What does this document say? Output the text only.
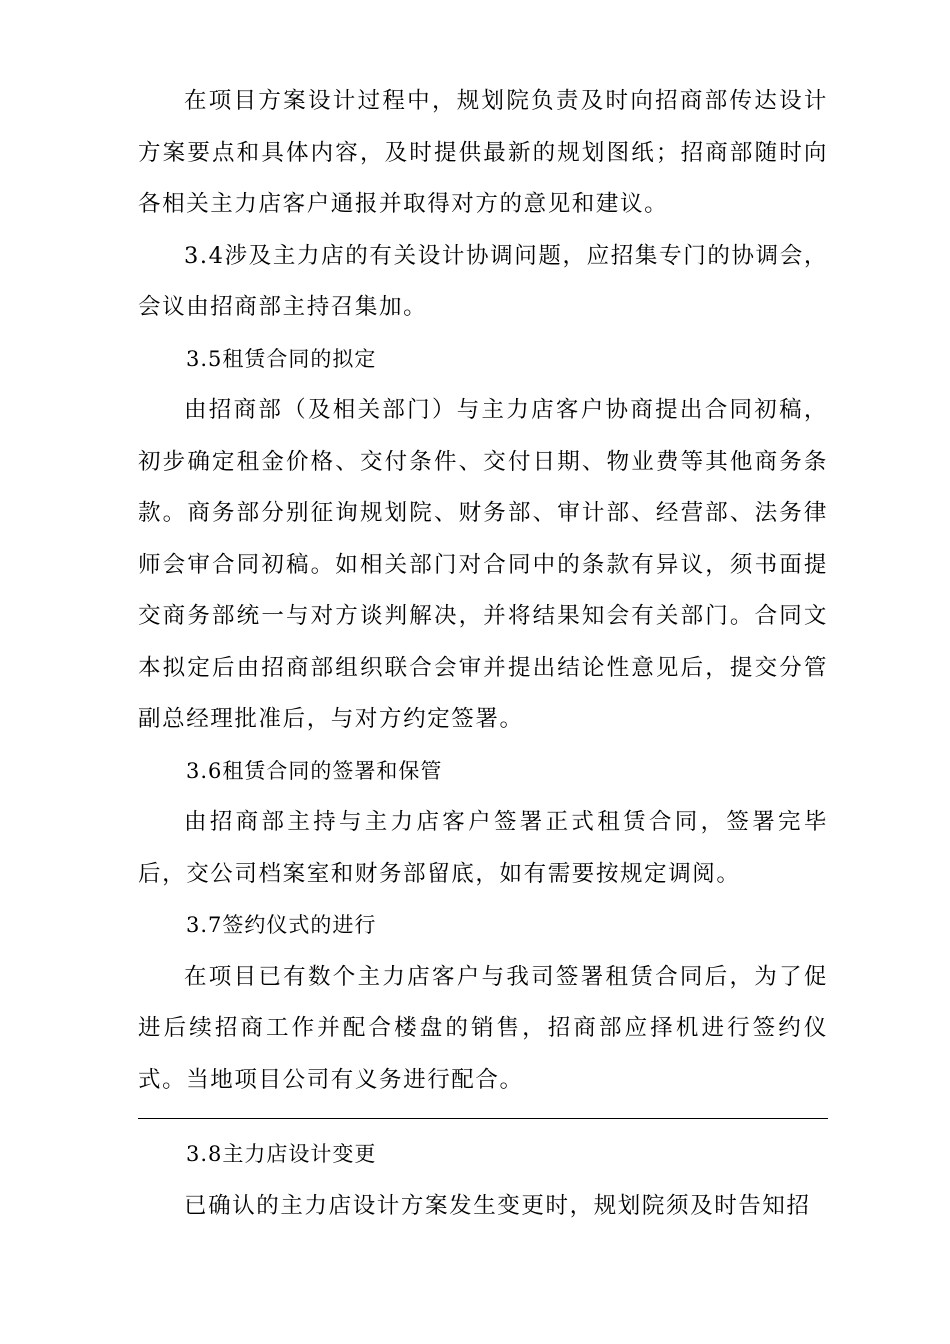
在项目方案设计过程中，规划院负责及时向招商部传达设计方案要点和具体内容，及时提供最新的规划图纸；招商部随时向各相关主力店客户通报并取得对方的意见和建议。

3.4涉及主力店的有关设计协调问题，应招集专门的协调会，会议由招商部主持召集加。

3.5租赁合同的拟定

由招商部（及相关部门）与主力店客户协商提出合同初稿，初步确定租金价格、交付条件、交付日期、物业费等其他商务条款。商务部分别征询规划院、财务部、审计部、经营部、法务律师会审合同初稿。如相关部门对合同中的条款有异议，须书面提交商务部统一与对方谈判解决，并将结果知会有关部门。合同文本拟定后由招商部组织联合会审并提出结论性意见后，提交分管副总经理批准后，与对方约定签署。

3.6租赁合同的签署和保管

由招商部主持与主力店客户签署正式租赁合同，签署完毕后，交公司档案室和财务部留底，如有需要按规定调阅。

3.7签约仪式的进行

在项目已有数个主力店客户与我司签署租赁合同后，为了促进后续招商工作并配合楼盘的销售，招商部应择机进行签约仪式。当地项目公司有义务进行配合。

3.8主力店设计变更

已确认的主力店设计方案发生变更时，规划院须及时告知招
